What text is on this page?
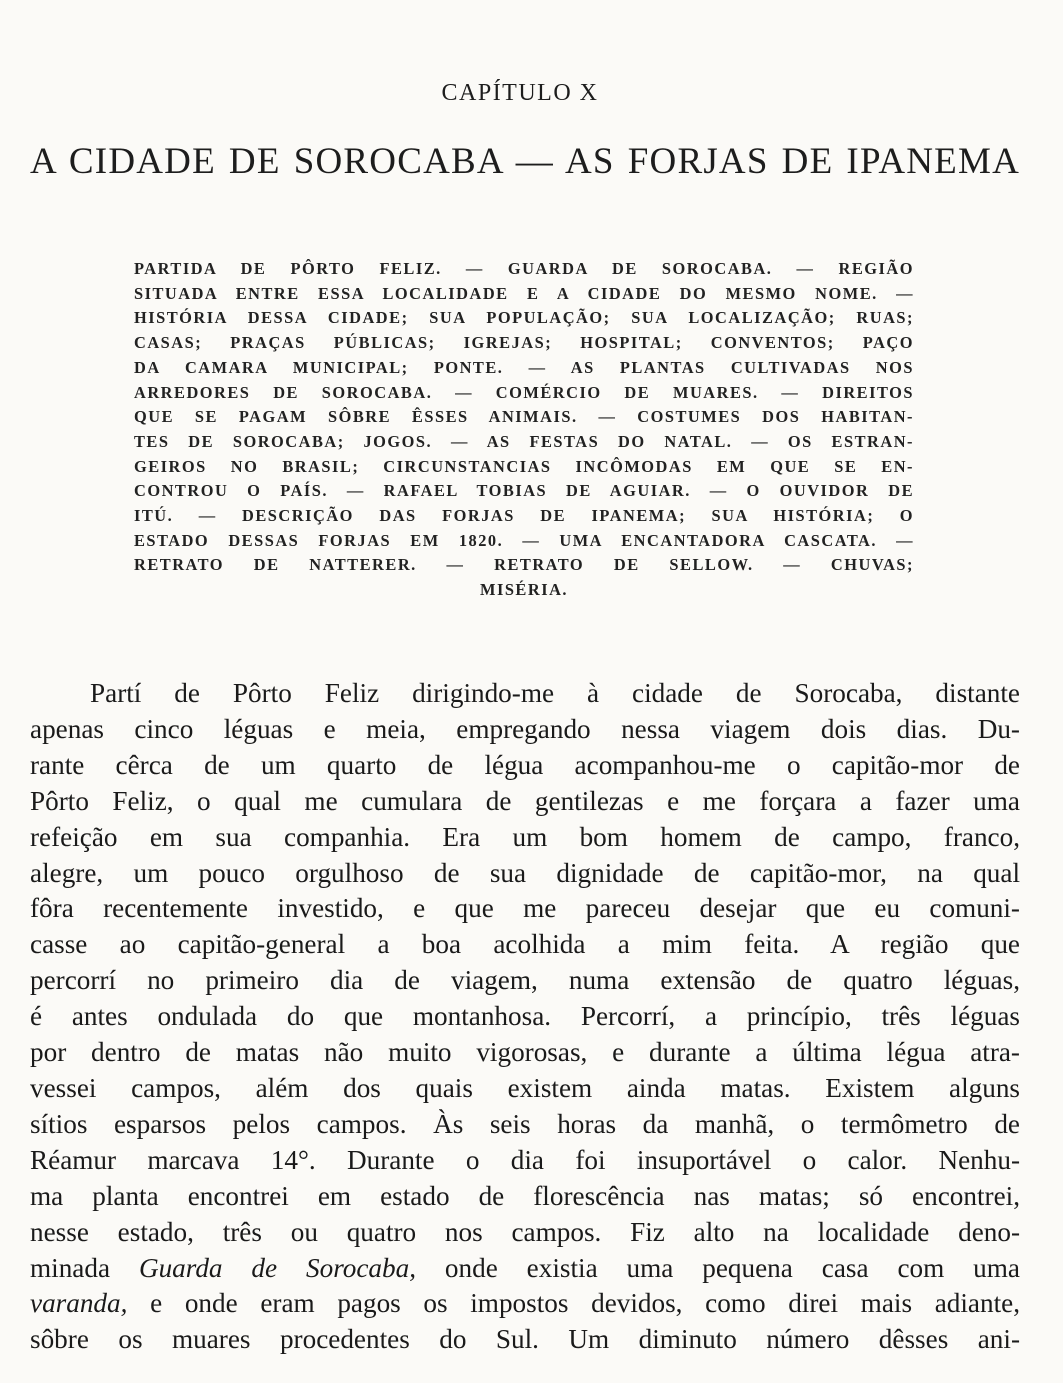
CAPÍTULO X
A CIDADE DE SOROCABA — AS FORJAS DE IPANEMA
PARTIDA DE PÔRTO FELIZ. — GUARDA DE SOROCABA. — REGIÃO
SITUADA ENTRE ESSA LOCALIDADE E A CIDADE DO MESMO NOME. —
HISTÓRIA DESSA CIDADE; SUA POPULAÇÃO; SUA LOCALIZAÇÃO; RUAS;
CASAS; PRAÇAS PÚBLICAS; IGREJAS; HOSPITAL; CONVENTOS; PAÇO
DA CAMARA MUNICIPAL; PONTE. — AS PLANTAS CULTIVADAS NOS
ARREDORES DE SOROCABA. — COMÉRCIO DE MUARES. — DIREITOS
QUE SE PAGAM SÔBRE ÊSSES ANIMAIS. — COSTUMES DOS HABITAN-
TES DE SOROCABA; JOGOS. — AS FESTAS DO NATAL. — OS ESTRAN-
GEIROS NO BRASIL; CIRCUNSTANCIAS INCÔMODAS EM QUE SE EN-
CONTROU O PAÍS. — RAFAEL TOBIAS DE AGUIAR. — O OUVIDOR DE
ITÚ. — DESCRIÇÃO DAS FORJAS DE IPANEMA; SUA HISTÓRIA; O
ESTADO DESSAS FORJAS EM 1820. — UMA ENCANTADORA CASCATA. —
RETRATO DE NATTERER. — RETRATO DE SELLOW. — CHUVAS;
MISÉRIA.
Partí de Pôrto Feliz dirigindo-me à cidade de Sorocaba, distante
apenas cinco léguas e meia, empregando nessa viagem dois dias. Du-
rante cêrca de um quarto de légua acompanhou-me o capitão-mor de
Pôrto Feliz, o qual me cumulara de gentilezas e me forçara a fazer uma
refeição em sua companhia. Era um bom homem de campo, franco,
alegre, um pouco orgulhoso de sua dignidade de capitão-mor, na qual
fôra recentemente investido, e que me pareceu desejar que eu comuni-
casse ao capitão-general a boa acolhida a mim feita. A região que
percorrí no primeiro dia de viagem, numa extensão de quatro léguas,
é antes ondulada do que montanhosa. Percorrí, a princípio, três léguas
por dentro de matas não muito vigorosas, e durante a última légua atra-
vessei campos, além dos quais existem ainda matas. Existem alguns
sítios esparsos pelos campos. Às seis horas da manhã, o termômetro de
Réamur marcava 14°. Durante o dia foi insuportável o calor. Nenhu-
ma planta encontrei em estado de florescência nas matas; só encontrei,
nesse estado, três ou quatro nos campos. Fiz alto na localidade deno-
minada Guarda de Sorocaba, onde existia uma pequena casa com uma
varanda, e onde eram pagos os impostos devidos, como direi mais adiante,
sôbre os muares procedentes do Sul. Um diminuto número dêsses ani-
